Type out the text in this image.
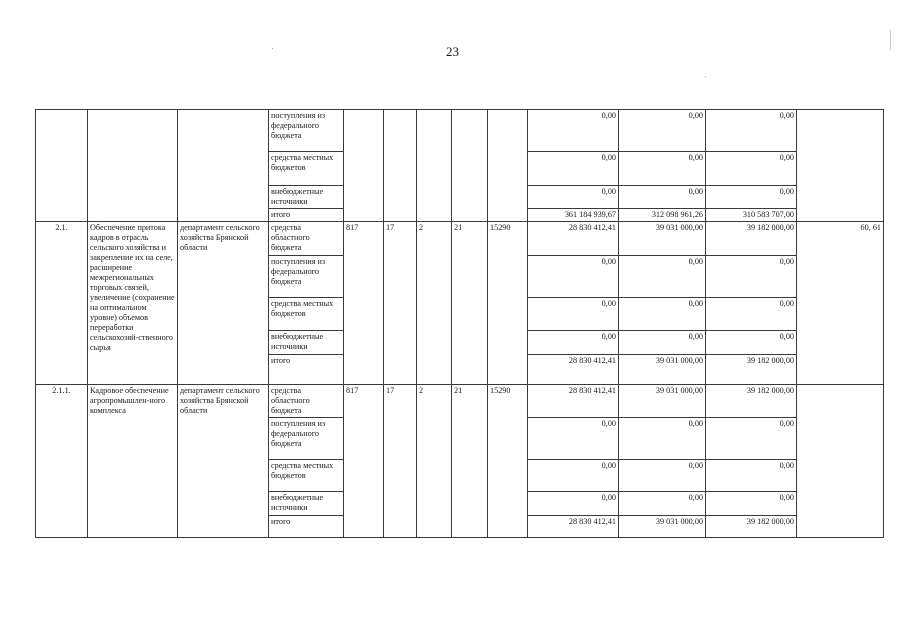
23
			поступления из федерального бюджета						0,00	0,00	0,00	
			средства местных бюджетов						0,00	0,00	0,00	
			внебюджетные источники						0,00	0,00	0,00	
			итого						361 184 939,67	312 098 961,26	310 583 707,00	
2.1.	Обеспечение притока кадров в отрасль сельского хозяйства и закрепление их на селе, расширение межрегиональных торговых связей, увеличение (сохранение на оптимальном уровне) объемов переработки сельскохозяй-ственного сырья	департамент сельского хозяйства Брянской области	средства областного бюджета	817	17	2	21	15290	28 830 412,41	39 031 000,00	39 182 000,00	60, 61
			поступления из федерального бюджета						0,00	0,00	0,00	
			средства местных бюджетов						0,00	0,00	0,00	
			внебюджетные источники						0,00	0,00	0,00	
			итого						28 830 412,41	39 031 000,00	39 182 000,00	
2.1.1.	Кадровое обеспечение агропромышлен-ного комплекса	департамент сельского хозяйства Брянской области	средства областного бюджета	817	17	2	21	15290	28 830 412,41	39 031 000,00	39 182 000,00	
			поступления из федерального бюджета						0,00	0,00	0,00	
			средства местных бюджетов						0,00	0,00	0,00	
			внебюджетные источники						0,00	0,00	0,00	
			итого						28 830 412,41	39 031 000,00	39 182 000,00	
